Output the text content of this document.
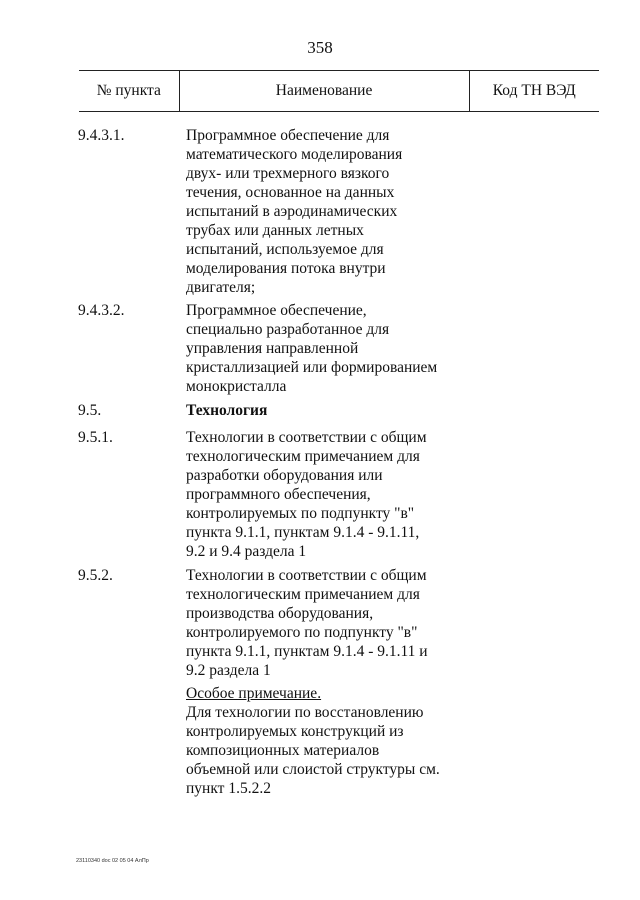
358
№ пункта	Наименование	Код ТН ВЭД
9.4.3.1.	Программное обеспечение для
математического моделирования
двух- или трехмерного вязкого
течения, основанное на данных
испытаний в аэродинамических
трубах или данных летных
испытаний, используемое для
моделирования потока внутри
двигателя;
9.4.3.2.	Программное обеспечение,
специально разработанное для
управления направленной
кристаллизацией или формированием
монокристалла
9.5.	Технология
9.5.1.	Технологии в соответствии с общим
технологическим примечанием для
разработки оборудования или
программного обеспечения,
контролируемых по подпункту "в"
пункта 9.1.1, пунктам 9.1.4 - 9.1.11,
9.2 и 9.4 раздела 1
9.5.2.	Технологии в соответствии с общим
технологическим примечанием для
производства оборудования,
контролируемого по подпункту "в"
пункта 9.1.1, пунктам 9.1.4 - 9.1.11 и
9.2 раздела 1
Особое примечание.
Для технологии по восстановлению
контролируемых конструкций из
композиционных материалов
объемной или слоистой структуры см.
пункт 1.5.2.2
23110340 doc 02 05 04 АлПр
